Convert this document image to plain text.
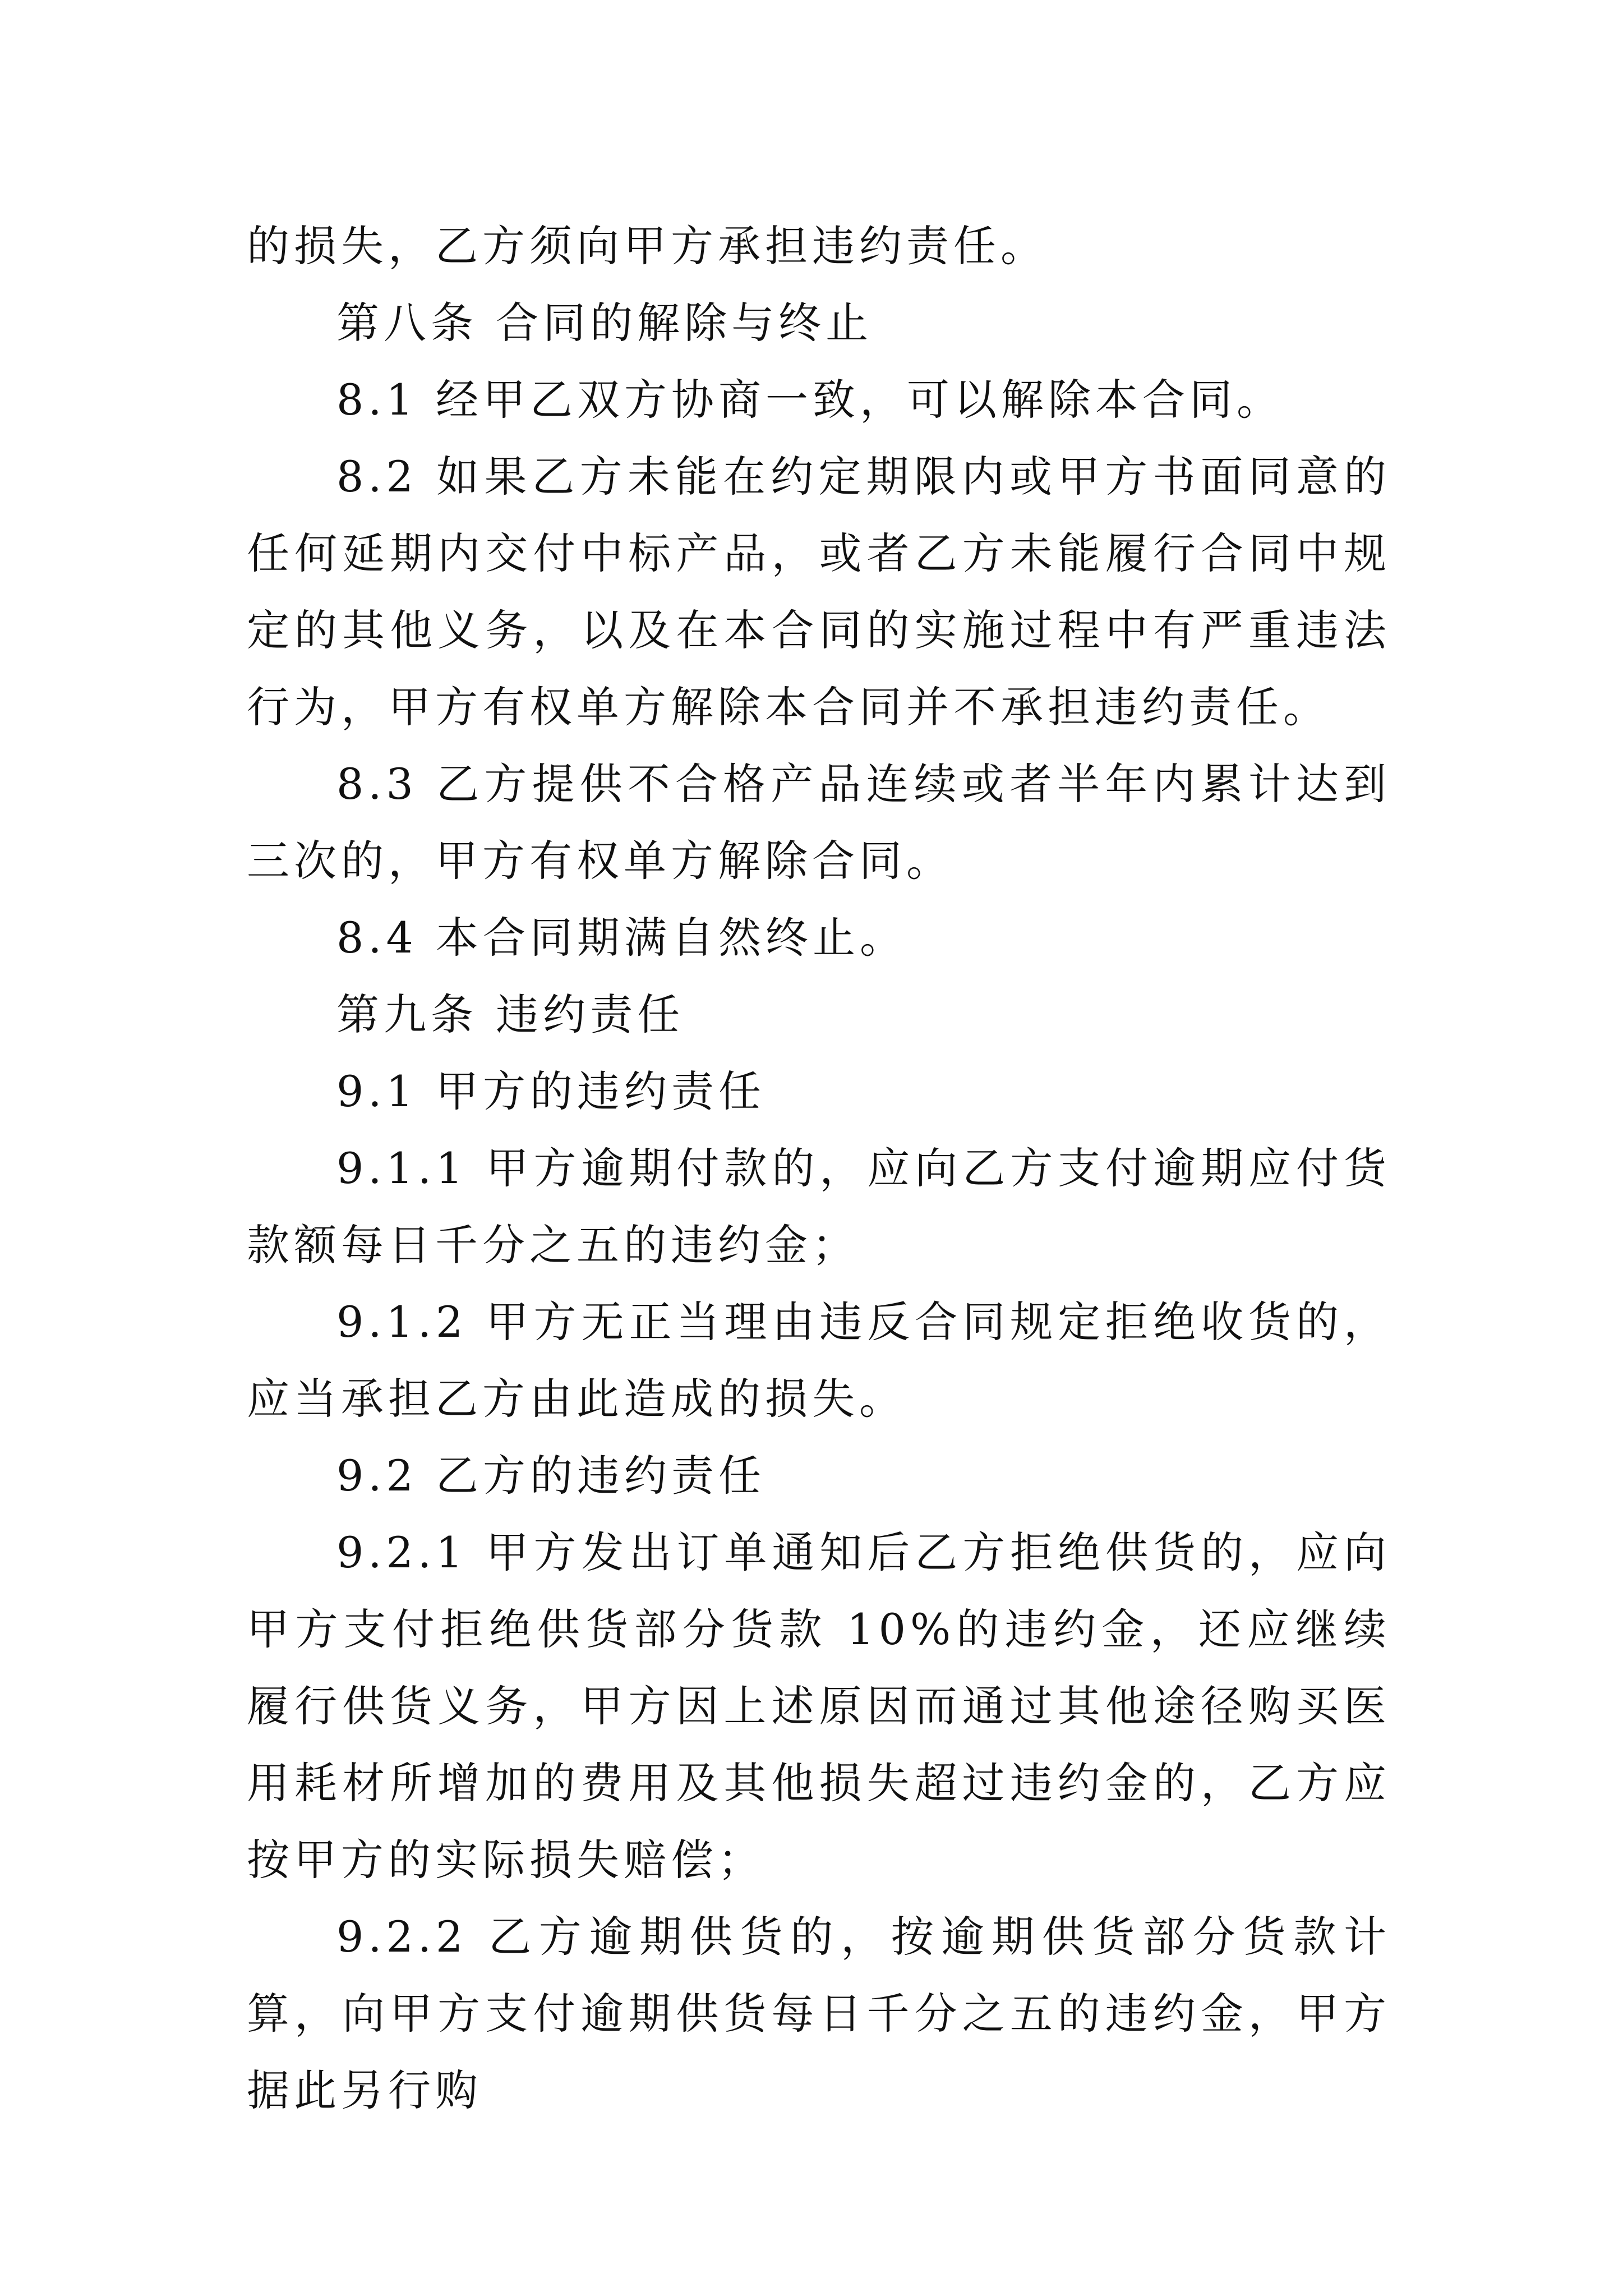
的损失，乙方须向甲方承担违约责任。

第八条 合同的解除与终止

8.1 经甲乙双方协商一致，可以解除本合同。

8.2 如果乙方未能在约定期限内或甲方书面同意的任何延期内交付中标产品，或者乙方未能履行合同中规定的其他义务，以及在本合同的实施过程中有严重违法行为，甲方有权单方解除本合同并不承担违约责任。

8.3 乙方提供不合格产品连续或者半年内累计达到三次的，甲方有权单方解除合同。

8.4 本合同期满自然终止。

第九条 违约责任

9.1 甲方的违约责任

9.1.1 甲方逾期付款的，应向乙方支付逾期应付货款额每日千分之五的违约金；

9.1.2 甲方无正当理由违反合同规定拒绝收货的，应当承担乙方由此造成的损失。

9.2 乙方的违约责任

9.2.1 甲方发出订单通知后乙方拒绝供货的，应向甲方支付拒绝供货部分货款 10%的违约金，还应继续履行供货义务，甲方因上述原因而通过其他途径购买医用耗材所增加的费用及其他损失超过违约金的，乙方应按甲方的实际损失赔偿；

9.2.2 乙方逾期供货的，按逾期供货部分货款计算，向甲方支付逾期供货每日千分之五的违约金，甲方据此另行购
